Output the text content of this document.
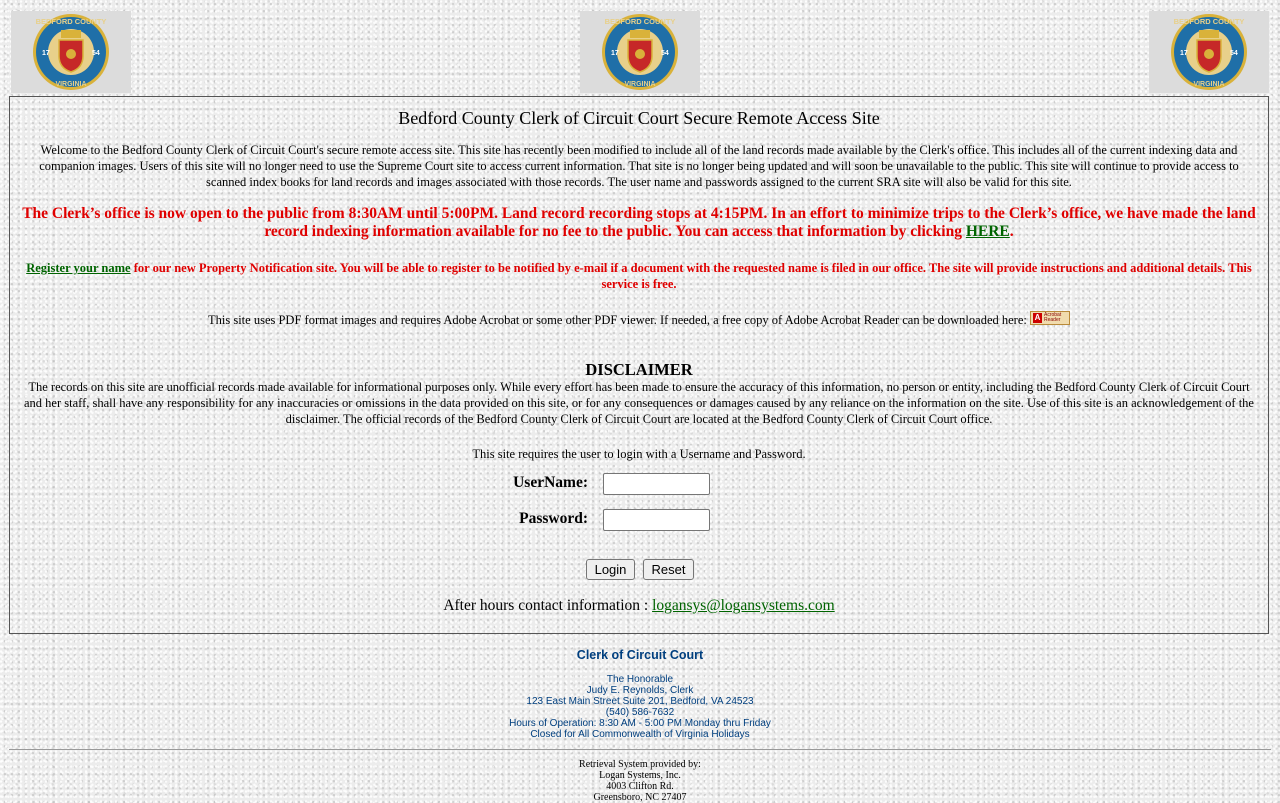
BEDFORD COUNTY
VIRGINIA
17	54
BEDFORD COUNTY
VIRGINIA
17	54
BEDFORD COUNTY
VIRGINIA
17	54
Bedford County Clerk of Circuit Court Secure Remote Access Site
Welcome to the Bedford County Clerk of Circuit Court's secure remote access site. This site has recently been modified to include all of the land records made available by the Clerk's office. This includes all of the current indexing data and companion images. Users of this site will no longer need to use the Supreme Court site to access current information. That site is no longer being updated and will soon be unavailable to the public. This site will continue to provide access to scanned index books for land records and images associated with those records. The user name and passwords assigned to the current SRA site will also be valid for this site.
The Clerk’s office is now open to the public from 8:30AM until 5:00PM. Land record recording stops at 4:15PM. In an effort to minimize trips to the Clerk’s office, we have made the land record indexing information available for no fee to the public. You can access that information by clicking HERE.
Register your name for our new Property Notification site. You will be able to register to be notified by e-mail if a document with the requested name is filed in our office. The site will provide instructions and additional details. This service is free.
This site uses PDF format images and requires Adobe Acrobat or some other PDF viewer. If needed, a free copy of Adobe Acrobat Reader can be downloaded here: A Acrobat
Reader
DISCLAIMER
The records on this site are unofficial records made available for informational purposes only. While every effort has been made to ensure the accuracy of this information, no person or entity, including the Bedford County Clerk of Circuit Court and her staff, shall have any responsibility for any inaccuracies or omissions in the data provided on this site, or for any consequences or damages caused by any reliance on the information on the site. Use of this site is an acknowledgement of the disclaimer. The official records of the Bedford County Clerk of Circuit Court are located at the Bedford County Clerk of Circuit Court office.
This site requires the user to login with a Username and Password.
UserName:
Password:
Login	Reset
After hours contact information : logansys@logansystems.com
Clerk of Circuit Court
The Honorable
Judy E. Reynolds, Clerk
123 East Main Street Suite 201, Bedford, VA 24523
(540) 586-7632
Hours of Operation: 8:30 AM - 5:00 PM Monday thru Friday
Closed for All Commonwealth of Virginia Holidays
Retrieval System provided by:
Logan Systems, Inc.
4003 Clifton Rd.
Greensboro, NC 27407
